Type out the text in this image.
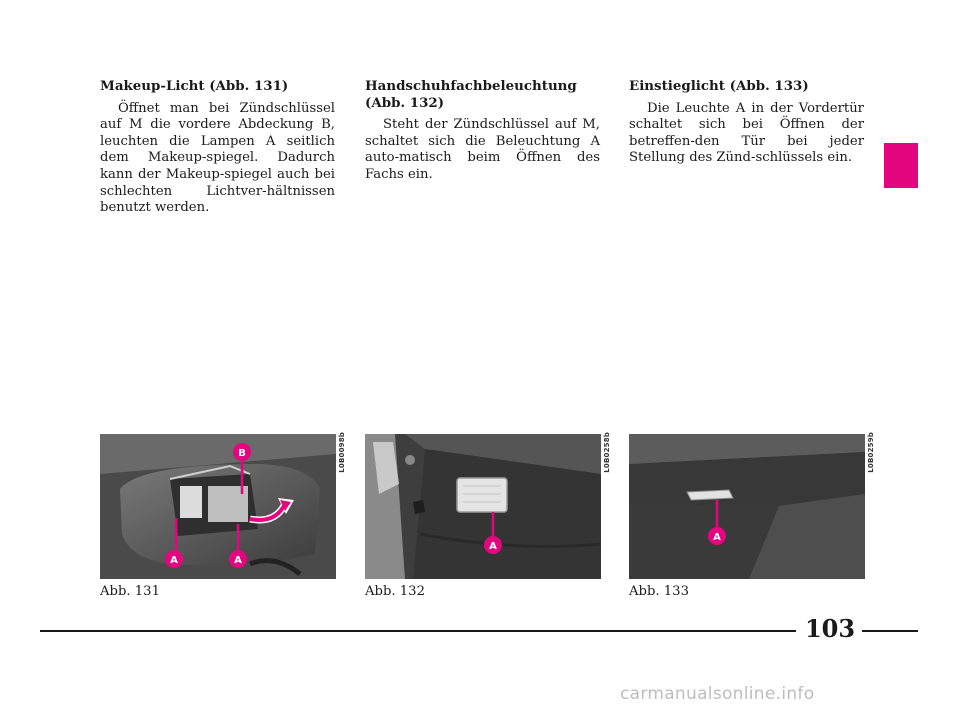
Makeup-Licht (Abb. 131)

Öffnet man bei Zündschlüssel auf M die vordere Abdeckung B, leuchten die Lampen A seitlich dem Makeup-spiegel. Dadurch kann der Makeup-spiegel auch bei schlechten Lichtver-hältnissen benutzt werden.

Handschuhfachbeleuchtung (Abb. 132)

Steht der Zündschlüssel auf M, schaltet sich die Beleuchtung A auto-matisch beim Öffnen des Fachs ein.

Einstieglicht (Abb. 133)

Die Leuchte A in der Vordertür schaltet sich bei Öffnen der betreffen-den Tür bei jeder Stellung des Zünd-schlüssels ein.

B
A	A
L0B0098b
A
L0B0258b
A
L0B0259b
Abb. 131	Abb. 132	Abb. 133
103
carmanualsonline.info
